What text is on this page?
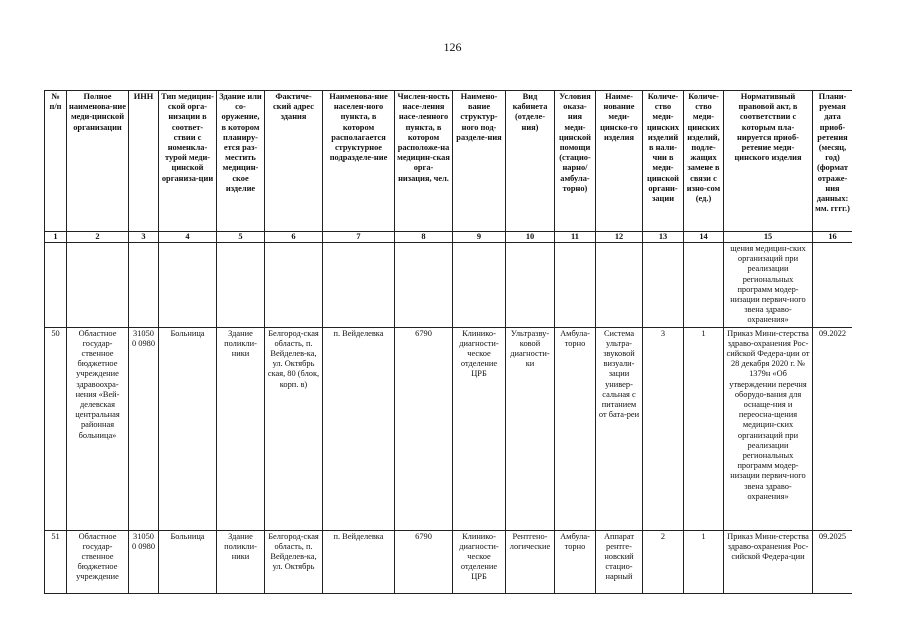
126
№ п/п	Полное наименова-ние меди-цинской организации	ИНН	Тип медицин-ской орга-низации в соответ-ствии с номенкла-турой меди-цинской организа-ции	Здание или со-оружение, в котором планиру-ется раз-местить медицин-ское изделие	Фактиче-ский адрес здания	Наименова-ние населен-ного пункта, в котором располагается структурное подразделе-ние	Числен-ность насе-ления насе-ленного пункта, в котором расположе-на медицин-ская орга-низация, чел.	Наимено-вание структур-ного под-разделе-ния	Вид кабинета (отделе-ния)	Условия оказа-ния меди-цинской помощи (стацио-нарно/ амбула-торно)	Наиме-нование меди-цинско-го изделия	Количе-ство меди-цинских изделий в нали-чии в меди-цинской органи-зации	Количе-ство меди-цинских изделий, подле-жащих замене в связи с изно-сом (ед.)	Нормативный правовой акт, в соответствии с которым пла-нируется приоб-ретение меди-цинского изделия	Плани-руемая дата приоб-ретения (месяц, год) (формат отраже-ния данных: мм. гггг.)
1	2	3	4	5	6	7	8	9	10	11	12	13	14	15	16
														щения медицин-ских организаций при реализации региональных программ модер-низации первич-ного звена здраво-охранения»	
50	Областное государ-ственное бюджетное учреждение здравоохра-нения «Вей-делевская центральная районная больница»	310500 0980	Больница	Здание поликли-ники	Белгород-ская область, п. Вейделев-ка, ул. Октябрь ская, 80 (блок, корп. в)	п. Вейделевка	6790	Клинико-диагности-ческое отделение ЦРБ	Ультразву-ковой диагности-ки	Амбула-торно	Система ультра-звуковой визуали-зации универ-сальная с питанием от бата-реи	3	1	Приказ Мини-стерства здраво-охранения Рос-сийской Федера-ции от 28 декабря 2020 г. № 1379н «Об утверждении перечня оборудо-вания для оснаще-ния и переосна-щения медицин-ских организаций при реализации региональных программ модер-низации первич-ного звена здраво-охранения»	09.2022
51	Областное государ-ственное бюджетное учреждение	310500 0980	Больница	Здание поликли-ники	Белгород-ская область, п. Вейделев-ка, ул. Октябрь	п. Вейделевка	6790	Клинико-диагности-ческое отделение ЦРБ	Рентгено-логические	Амбула-торно	Аппарат рентге-новский стацио-нарный	2	1	Приказ Мини-стерства здраво-охранения Рос-сийской Федера-ции	09.2025
